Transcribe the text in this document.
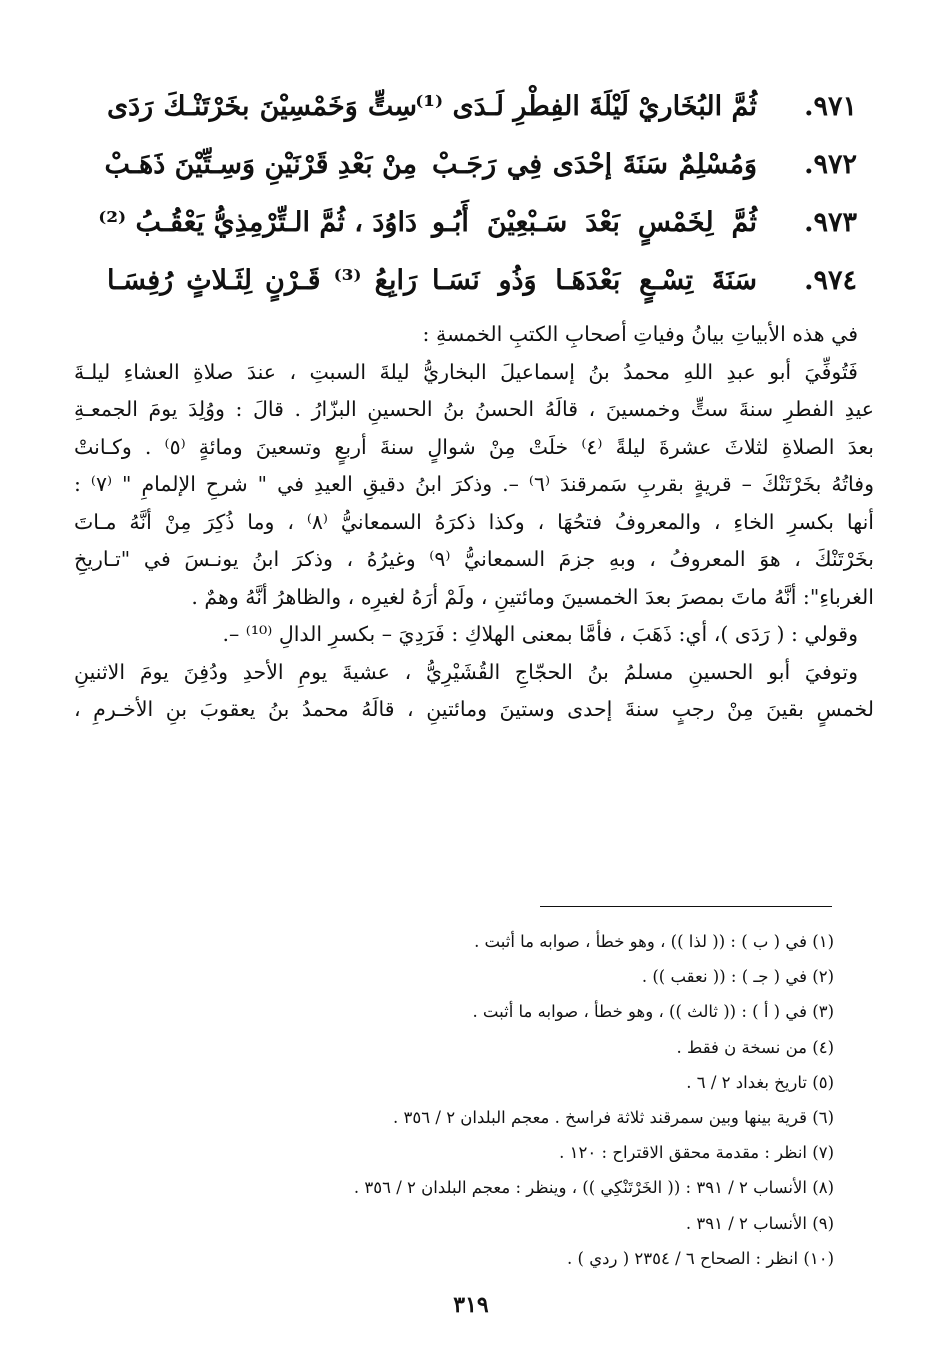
٩٧١.
ثُمَّ البُخَاريْ لَيْلَةَ الفِطْرِ لَـدَى ⁽¹⁾
سِتٍّ وَخَمْسِيْنَ بخَرْتَنْـكَ رَدَى
٩٧٢.
وَمُسْلِمٌ سَنَةَ إحْدَى فِي رَجَـبْ
مِنْ بَعْدِ قَرْنَيْنِ وَسِـتِّيْنَ ذَهَـبْ
٩٧٣.
ثُمَّ لِخَمْسٍ بَعْدَ سَـبْعِيْنَ أَبُـو
دَاوُدَ ، ثُمَّ الـتِّرْمِذِيُّ يَعْقُـبُ ⁽²⁾
٩٧٤.
سَنَةَ تِسْـعٍ بَعْدَهَـا وَذُو نَسَـا
رَابِعُ ⁽³⁾ قَـرْنٍ لِثَـلاثٍ رُفِسَـا

في هذه الأبياتِ بيانُ وفياتِ أصحابِ الكتبِ الخمسةِ :

فَتُوفِّيَ أبو عبدِ اللهِ محمدُ بنُ إسماعيلَ البخاريُّ ليلةَ السبتِ ، عندَ صلاةِ العشاءِ ليلـةَ

عيدِ الفطرِ سنةَ ستٍّ وخمسينَ ، قالَهُ الحسنُ بنُ الحسينِ البزّارُ . قالَ : ووُلِدَ يومَ الجمعـةِ

بعدَ الصلاةِ لثلاثَ عشرةَ ليلةً ⁽٤⁾ خلَتْ مِنْ شوالٍ سنةَ أربعٍ وتسعينَ ومائةٍ ⁽٥⁾ . وكـانتْ

وفاتُهُ بخَرْتَنْكَ – قريةٍ بقربِ سَمرقندَ ⁽٦⁾ –. وذكرَ ابنُ دقيقِ العيدِ في " شرحِ الإلمامِ " ⁽٧⁾ :

أنها بكسرِ الخاءِ ، والمعروفُ فتحُهَا ، وكذا ذكرَهُ السمعانيُّ ⁽٨⁾ ، وما ذُكِرَ مِنْ أنَّهُ مـاتَ

بخَرْتَنْكَ ، هوَ المعروفُ ، وبهِ جزمَ السمعانيُّ ⁽٩⁾ وغيرُهُ ، وذكرَ ابنُ يونـسَ في "تـاريخِ

الغرباءِ": أنَّهُ ماتَ بمصرَ بعدَ الخمسينَ ومائتينِ ، ولَمْ أرَهُ لغيرِه ، والظاهرُ أنَّهُ وهمٌ .

وقولي : ( رَدَى )، أي: ذَهَبَ ، فأمَّا بمعنى الهلاكِ : فَرَدِيَ – بكسرِ الدالِ ⁽¹⁰⁾ –.

وتوفيَ أبو الحسينِ مسلمُ بنُ الحجّاجِ القُشَيْرِيُّ ، عشيةَ يومِ الأحدِ ودُفِنَ يومَ الاثنينِ

لخمسٍ بقينَ مِنْ رجبٍ سنةَ إحدى وستينَ ومائتينِ ، قالَهُ محمدُ بنُ يعقوبَ بنِ الأخـرمِ ،

(١) في ( ب ) : (( لذا )) ، وهو خطأ ، صوابه ما أثبت .
(٢) في ( جـ ) : (( نعقب )) .
(٣) في ( أ ) : (( ثالث )) ، وهو خطأ ، صوابه ما أثبت .
(٤) من نسخة ن فقط .
(٥) تاريخ بغداد ٢ / ٦ .
(٦) قرية بينها وبين سمرقند ثلاثة فراسخ . معجم البلدان ٢ / ٣٥٦ .
(٧) انظر : مقدمة محقق الاقتراح : ١٢٠ .
(٨) الأنساب ٢ / ٣٩١ : (( الخَرْتَنْكِي )) ، وينظر : معجم البلدان ٢ / ٣٥٦ .
(٩) الأنساب ٢ / ٣٩١ .
(١٠) انظر : الصحاح ٦ / ٢٣٥٤ ( ردي ) .
٣١٩
